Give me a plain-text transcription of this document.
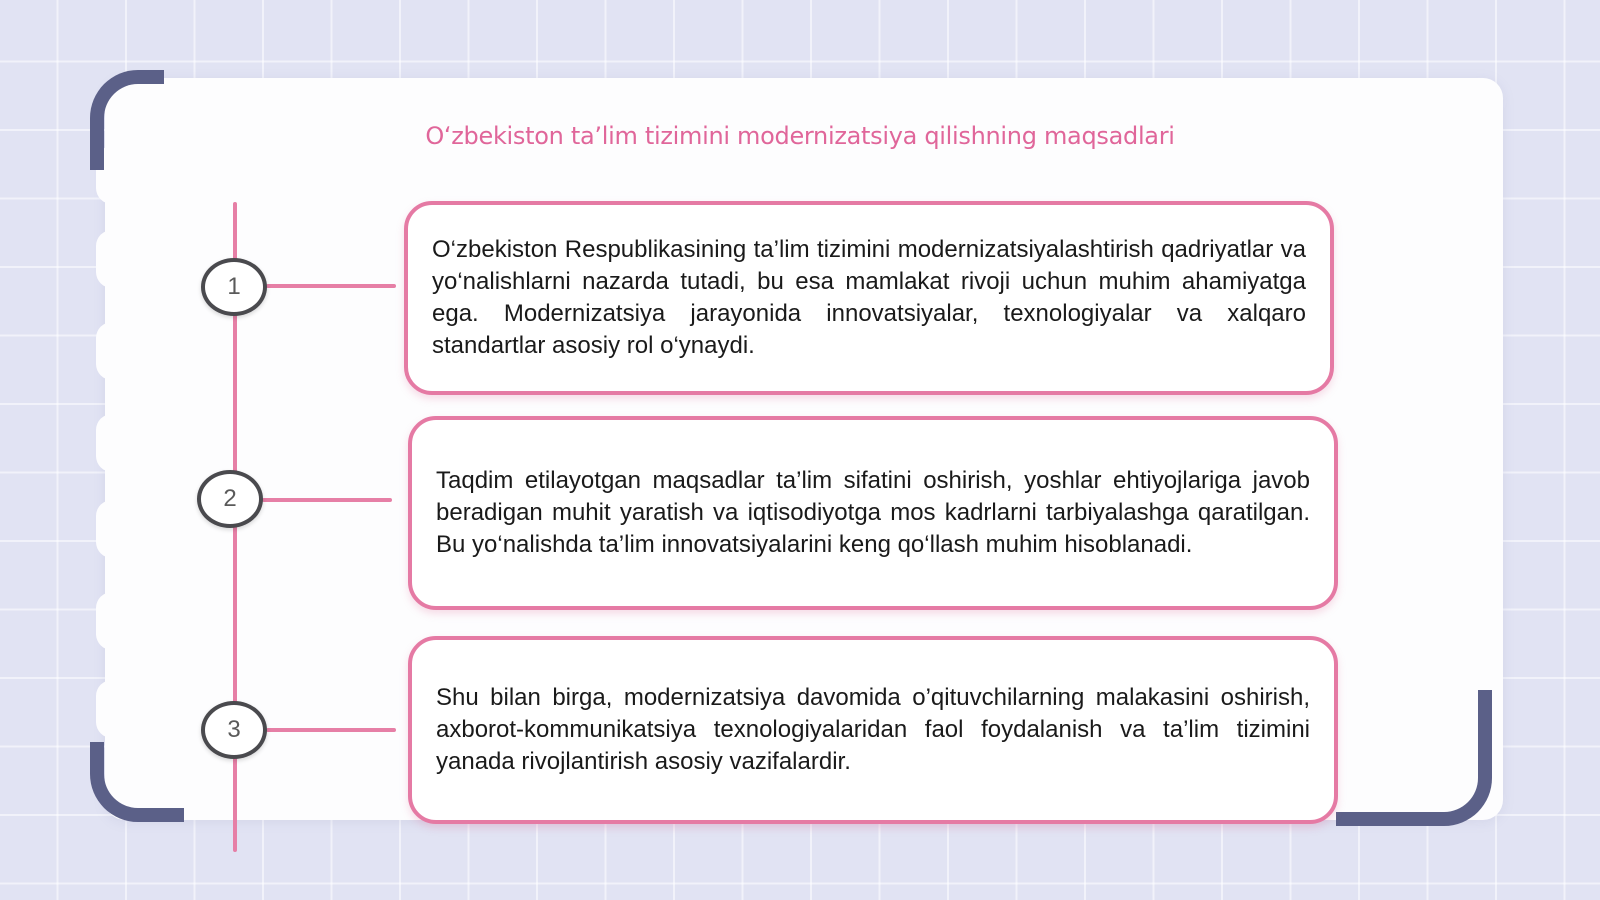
Oʻzbekiston taʼlim tizimini modernizatsiya qilishning maqsadlari
1
2
3

O‘zbekiston Respublikasining ta’lim tizimini modernizatsiyalashtirish qadriyatlar va yo‘nalishlarni nazarda tutadi, bu esa mamlakat rivoji uchun muhim ahamiyatga ega. Modernizatsiya jarayonida innovatsiyalar, texnologiyalar va xalqaro standartlar asosiy rol o‘ynaydi.

Taqdim etilayotgan maqsadlar ta’lim sifatini oshirish, yoshlar ehtiyojlariga javob beradigan muhit yaratish va iqtisodiyotga mos kadrlarni tarbiyalashga qaratilgan. Bu yo‘nalishda ta’lim innovatsiyalarini keng qo‘llash muhim hisoblanadi.

Shu bilan birga, modernizatsiya davomida o’qituvchilarning malakasini oshirish, axborot-kommunikatsiya texnologiyalaridan faol foydalanish va ta’lim tizimini yanada rivojlantirish asosiy vazifalardir.
